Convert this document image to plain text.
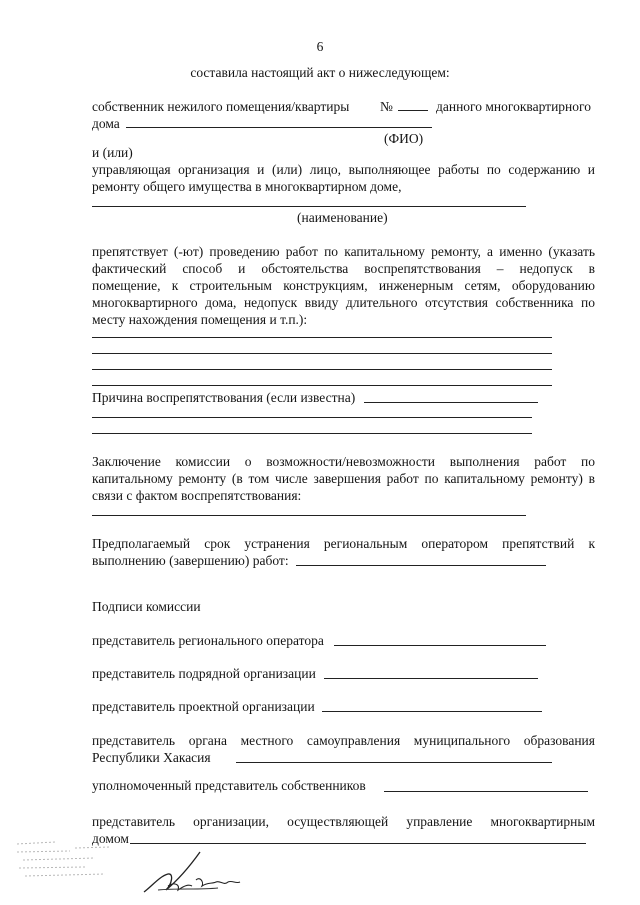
6
составила настоящий акт о нижеследующем:
собственник нежилого помещения/квартиры №	данного многоквартирного
дома
(ФИО)
и (или)
управляющая организация и (или) лицо, выполняющее работы по содержанию и
ремонту общего имущества в многоквартирном доме,
(наименование)
препятствует (-ют) проведению работ по капитальному ремонту, а именно (указать
фактический способ и обстоятельства воспрепятствования – недопуск в
помещение, к строительным конструкциям, инженерным сетям, оборудованию
многоквартирного дома, недопуск ввиду длительного отсутствия собственника по
месту нахождения помещения и т.п.):
Причина воспрепятствования (если известна)
Заключение комиссии о возможности/невозможности выполнения работ по
капитальному ремонту (в том числе завершения работ по капитальному ремонту) в
связи с фактом воспрепятствования:
Предполагаемый срок устранения региональным оператором препятствий к
выполнению (завершению) работ:
Подписи комиссии
представитель регионального оператора
представитель подрядной организации
представитель проектной организации
представитель органа местного самоуправления муниципального образования
Республики Хакасия
уполномоченный представитель собственников
представитель организации, осуществляющей управление многоквартирным
домом
